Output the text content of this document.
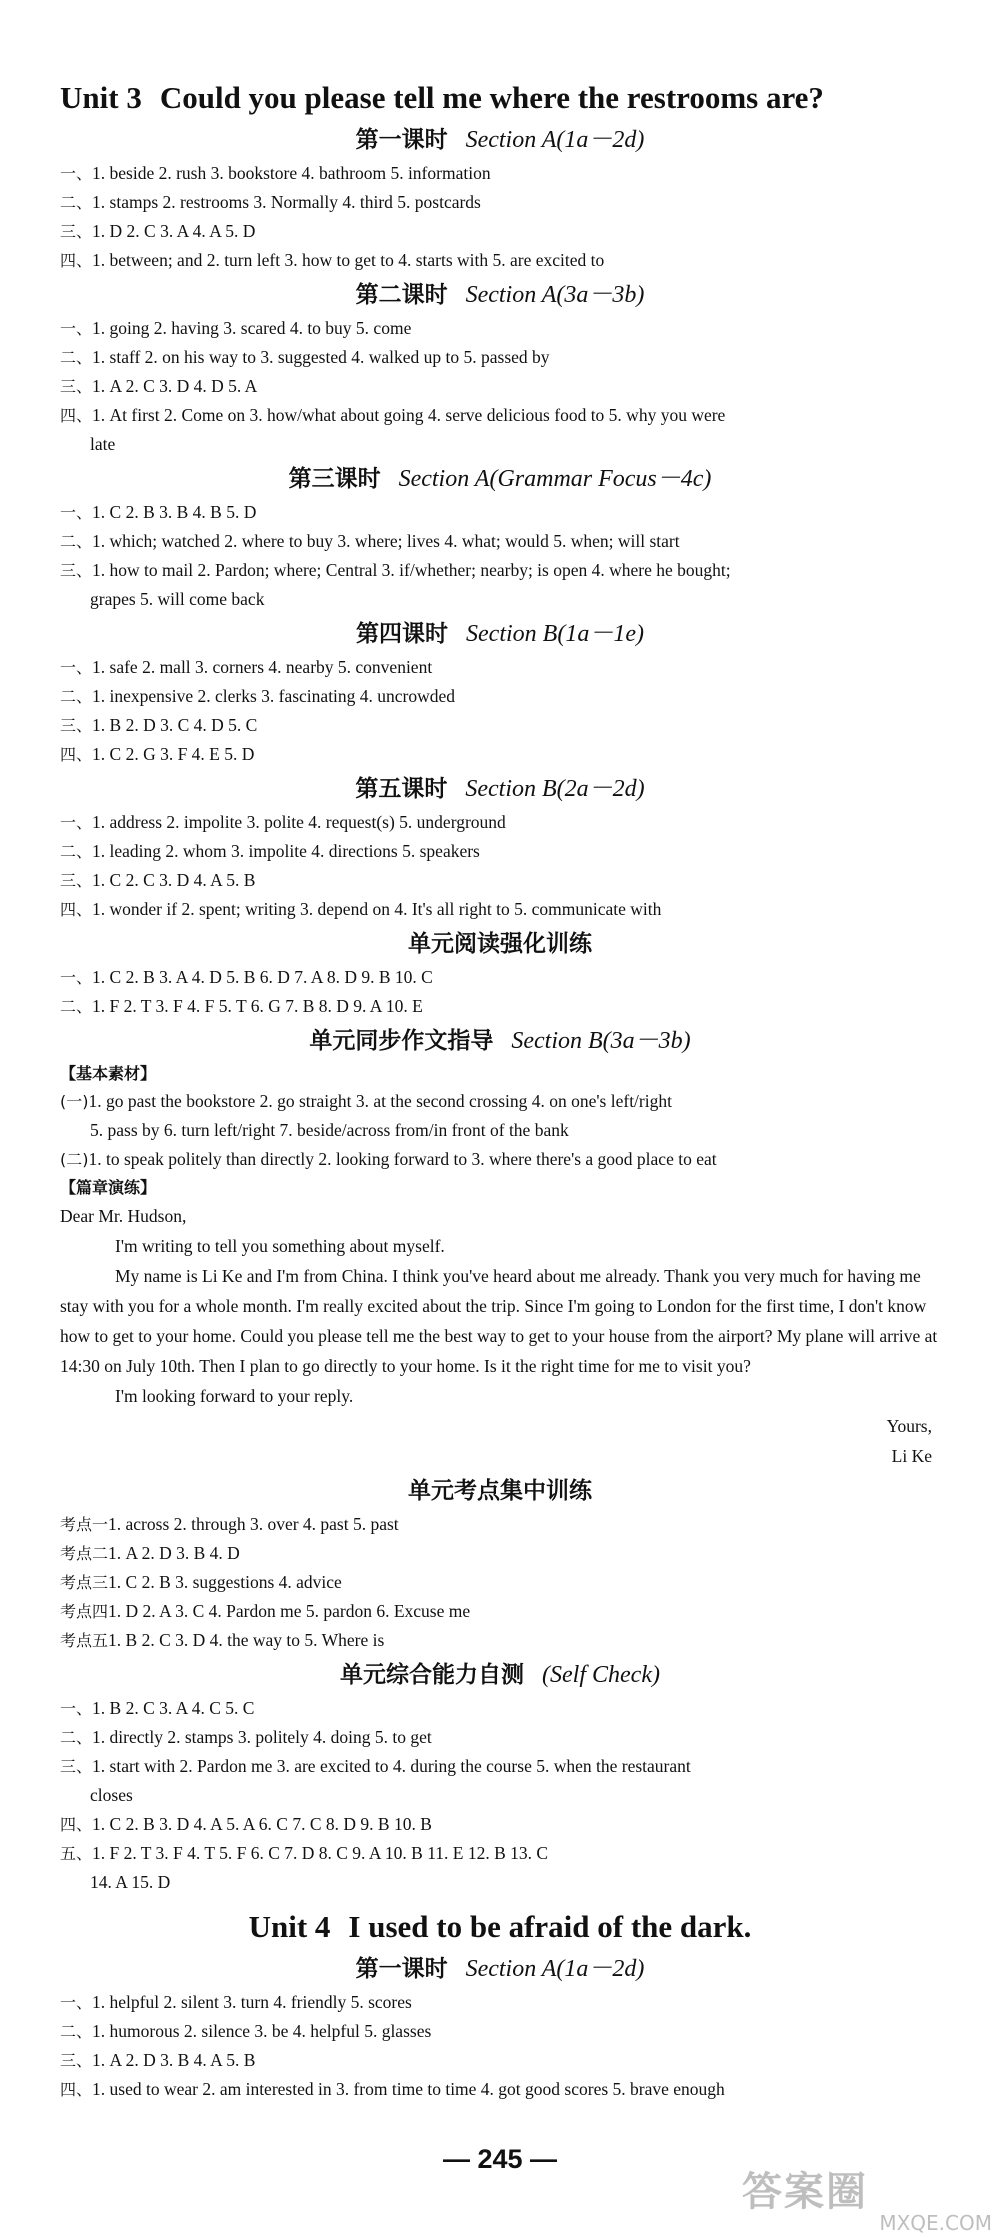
Unit 3 Could you please tell me where the restrooms are?
第一课时 Section A(1a－2d)
一、1. beside 2. rush 3. bookstore 4. bathroom 5. information
二、1. stamps 2. restrooms 3. Normally 4. third 5. postcards
三、1. D 2. C 3. A 4. A 5. D
四、1. between; and 2. turn left 3. how to get to 4. starts with 5. are excited to
第二课时 Section A(3a－3b)
一、1. going 2. having 3. scared 4. to buy 5. come
二、1. staff 2. on his way to 3. suggested 4. walked up to 5. passed by
三、1. A 2. C 3. D 4. D 5. A
四、1. At first 2. Come on 3. how/what about going 4. serve delicious food to 5. why you were
late
第三课时 Section A(Grammar Focus－4c)
一、1. C 2. B 3. B 4. B 5. D
二、1. which; watched 2. where to buy 3. where; lives 4. what; would 5. when; will start
三、1. how to mail 2. Pardon; where; Central 3. if/whether; nearby; is open 4. where he bought;
grapes 5. will come back
第四课时 Section B(1a－1e)
一、1. safe 2. mall 3. corners 4. nearby 5. convenient
二、1. inexpensive 2. clerks 3. fascinating 4. uncrowded
三、1. B 2. D 3. C 4. D 5. C
四、1. C 2. G 3. F 4. E 5. D
第五课时 Section B(2a－2d)
一、1. address 2. impolite 3. polite 4. request(s) 5. underground
二、1. leading 2. whom 3. impolite 4. directions 5. speakers
三、1. C 2. C 3. D 4. A 5. B
四、1. wonder if 2. spent; writing 3. depend on 4. It's all right to 5. communicate with
单元阅读强化训练
一、1. C 2. B 3. A 4. D 5. B 6. D 7. A 8. D 9. B 10. C
二、1. F 2. T 3. F 4. F 5. T 6. G 7. B 8. D 9. A 10. E
单元同步作文指导 Section B(3a－3b)
【基本素材】
(一)1. go past the bookstore 2. go straight 3. at the second crossing 4. on one's left/right
5. pass by 6. turn left/right 7. beside/across from/in front of the bank
(二)1. to speak politely than directly 2. looking forward to 3. where there's a good place to eat
【篇章演练】

Dear Mr. Hudson,

I'm writing to tell you something about myself.

My name is Li Ke and I'm from China. I think you've heard about me already. Thank you very much for having me stay with you for a whole month. I'm really excited about the trip. Since I'm going to London for the first time, I don't know how to get to your home. Could you please tell me the best way to get to your house from the airport? My plane will arrive at 14:30 on July 10th. Then I plan to go directly to your home. Is it the right time for me to visit you?

I'm looking forward to your reply.

Yours,

Li Ke

单元考点集中训练
考点一1. across 2. through 3. over 4. past 5. past
考点二1. A 2. D 3. B 4. D
考点三1. C 2. B 3. suggestions 4. advice
考点四1. D 2. A 3. C 4. Pardon me 5. pardon 6. Excuse me
考点五1. B 2. C 3. D 4. the way to 5. Where is
单元综合能力自测 (Self Check)
一、1. B 2. C 3. A 4. C 5. C
二、1. directly 2. stamps 3. politely 4. doing 5. to get
三、1. start with 2. Pardon me 3. are excited to 4. during the course 5. when the restaurant
closes
四、1. C 2. B 3. D 4. A 5. A 6. C 7. C 8. D 9. B 10. B
五、1. F 2. T 3. F 4. T 5. F 6. C 7. D 8. C 9. A 10. B 11. E 12. B 13. C
14. A 15. D
Unit 4 I used to be afraid of the dark.
第一课时 Section A(1a－2d)
一、1. helpful 2. silent 3. turn 4. friendly 5. scores
二、1. humorous 2. silence 3. be 4. helpful 5. glasses
三、1. A 2. D 3. B 4. A 5. B
四、1. used to wear 2. am interested in 3. from time to time 4. got good scores 5. brave enough
— 245 —
答案圈
MXQE.COM
